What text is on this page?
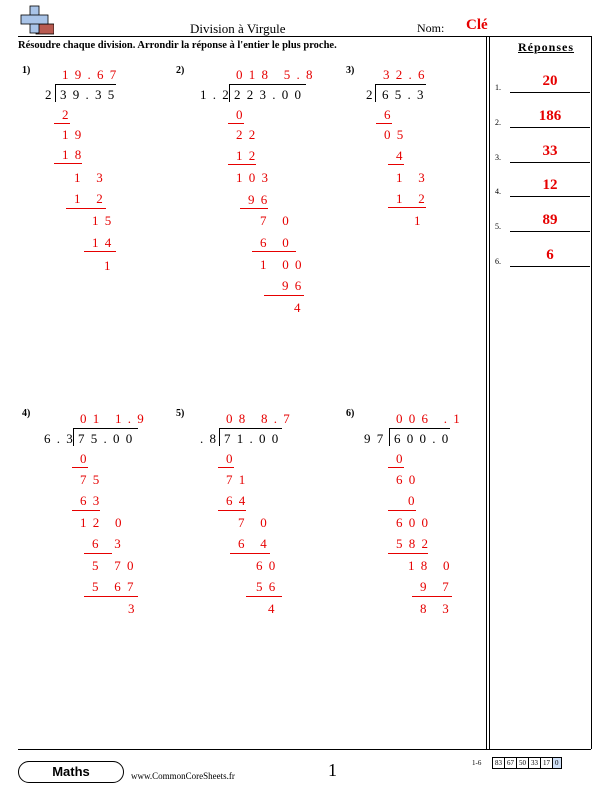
Division à Virgule	Nom: Clé
Résoudre chaque division. Arrondir la réponse à l'entier le plus proche.	Réponses
1) 1 9 . 6 7
2 3 9 . 3 5
2
1 9
1 8
1   3
1   2
1 5
1 4
1
2)	0 1 8   5 . 8
1 . 2 2 2 3 . 0 0
0
2 2
1 2
1 0 3
9 6
7   0
6   0
1   0 0
9 6
4
3) 3 2 . 6
2 6 5 . 3
6
0 5
4
1   3
1   2
1
4)	0 1   1 . 9
6 . 3 7 5 . 0 0
0
7 5
6 3
1 2   0
6   3
5   7 0
5   6 7
3
5)	0 8   8 . 7
. 8 7 1 . 0 0
0
7 1
6 4
7   0
6   4
6 0
5 6
4
6)	0 0 6   . 1
9 7 6 0 0 . 0
0
6 0
0
6 0 0
5 8 2
1 8   0
9   7
8   3
1.	20
2.	186
3.	33
4.	12
5.	89
6.	6
Maths	www.CommonCoreSheets.fr	1	1-6 83	67	50	33	17	0
